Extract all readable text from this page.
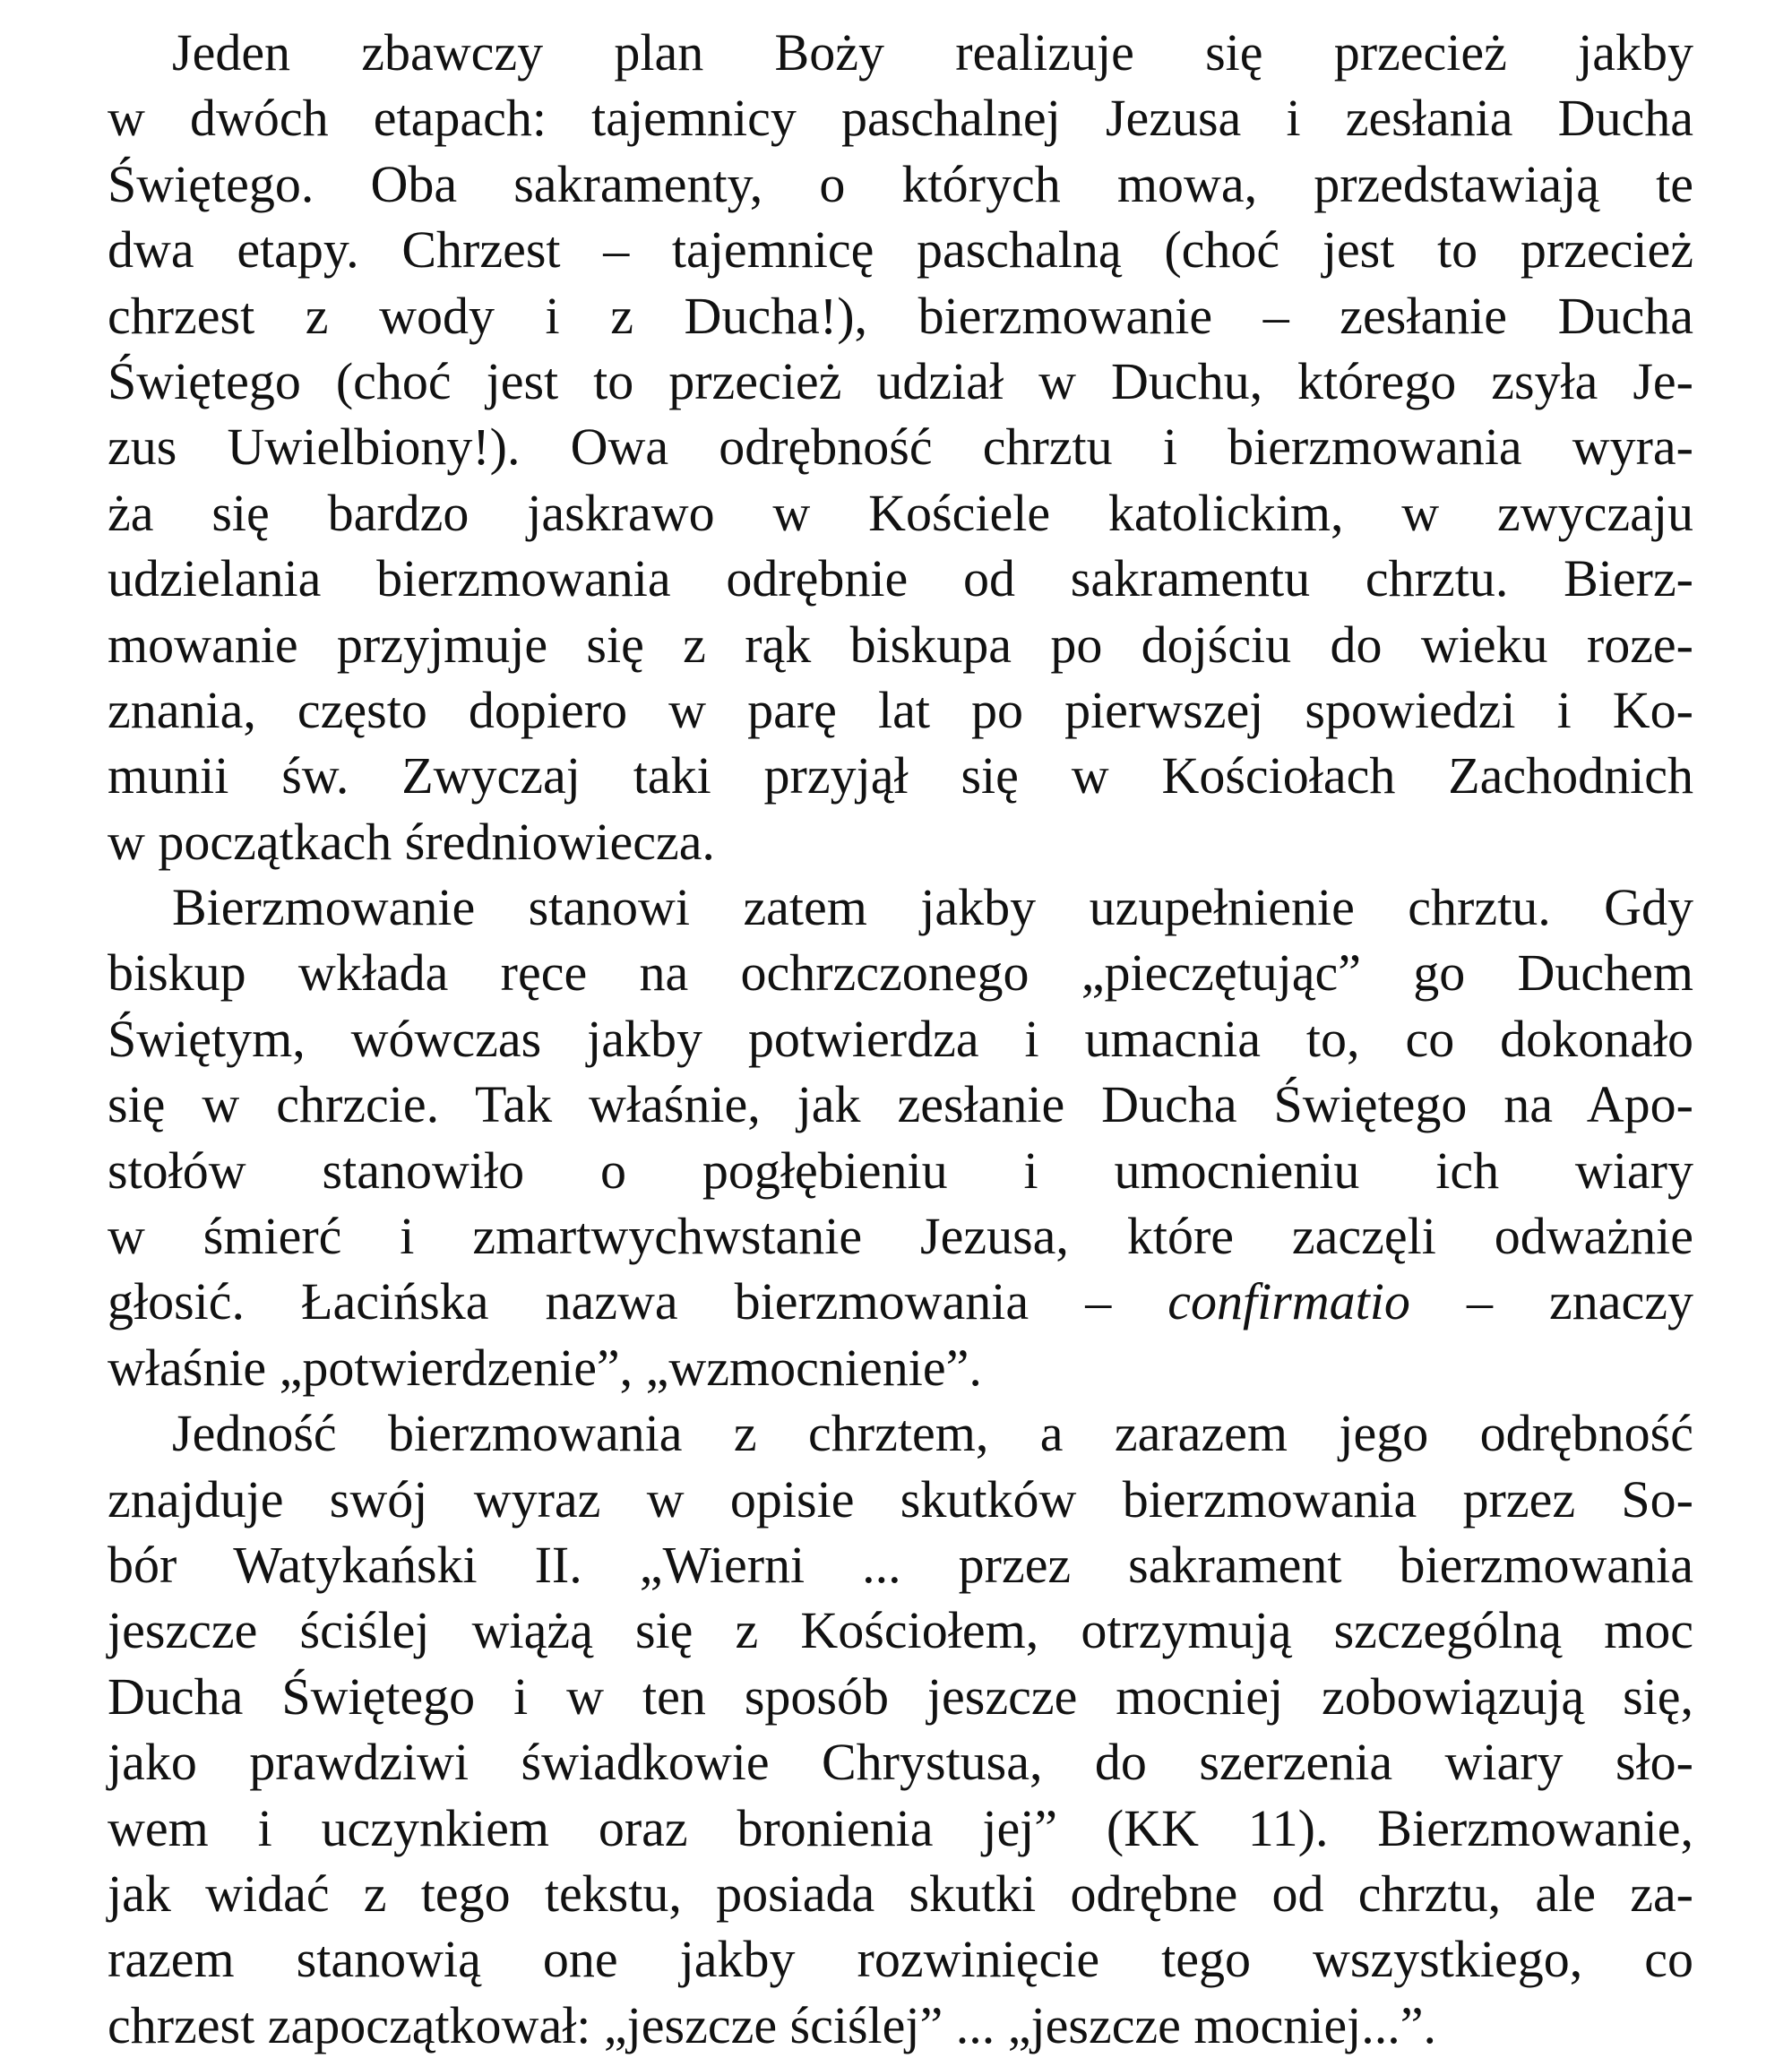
Jeden zbawczy plan Boży realizuje się przecież jakby
w dwóch etapach: tajemnicy paschalnej Jezusa i zesłania Ducha
Świętego. Oba sakramenty, o których mowa, przedstawiają te
dwa etapy. Chrzest – tajemnicę paschalną (choć jest to przecież
chrzest z wody i z Ducha!), bierzmowanie – zesłanie Ducha
Świętego (choć jest to przecież udział w Duchu, którego zsyła Je-
zus Uwielbiony!). Owa odrębność chrztu i bierzmowania wyra-
ża się bardzo jaskrawo w Kościele katolickim, w zwyczaju
udzielania bierzmowania odrębnie od sakramentu chrztu. Bierz-
mowanie przyjmuje się z rąk biskupa po dojściu do wieku roze-
znania, często dopiero w parę lat po pierwszej spowiedzi i Ko-
munii św. Zwyczaj taki przyjął się w Kościołach Zachodnich
w początkach średniowiecza.
Bierzmowanie stanowi zatem jakby uzupełnienie chrztu. Gdy
biskup wkłada ręce na ochrzczonego „pieczętując” go Duchem
Świętym, wówczas jakby potwierdza i umacnia to, co dokonało
się w chrzcie. Tak właśnie, jak zesłanie Ducha Świętego na Apo-
stołów stanowiło o pogłębieniu i umocnieniu ich wiary
w śmierć i zmartwychwstanie Jezusa, które zaczęli odważnie
głosić. Łacińska nazwa bierzmowania – confirmatio – znaczy
właśnie „potwierdzenie”, „wzmocnienie”.
Jedność bierzmowania z chrztem, a zarazem jego odrębność
znajduje swój wyraz w opisie skutków bierzmowania przez So-
bór Watykański II. „Wierni ... przez sakrament bierzmowania
jeszcze ściślej wiążą się z Kościołem, otrzymują szczególną moc
Ducha Świętego i w ten sposób jeszcze mocniej zobowiązują się,
jako prawdziwi świadkowie Chrystusa, do szerzenia wiary sło-
wem i uczynkiem oraz bronienia jej” (KK 11). Bierzmowanie,
jak widać z tego tekstu, posiada skutki odrębne od chrztu, ale za-
razem stanowią one jakby rozwinięcie tego wszystkiego, co
chrzest zapoczątkował: „jeszcze ściślej” ... „jeszcze mocniej...”.
